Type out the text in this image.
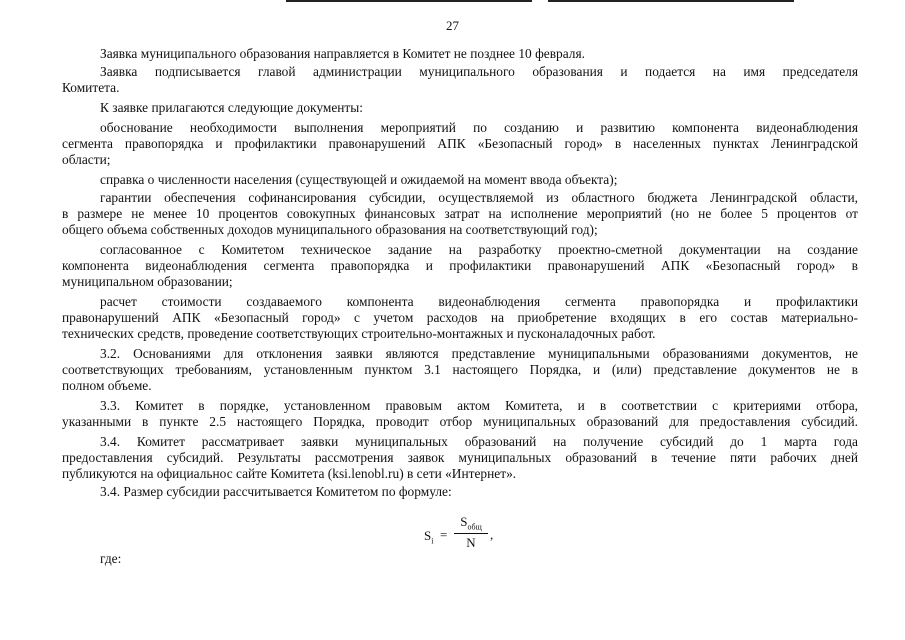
27
Заявка муниципального образования направляется в Комитет не позднее 10 февраля.
Заявка подписывается главой администрации муниципального образования и подается на имя председателя
Комитета.
К заявке прилагаются следующие документы:
обоснование необходимости выполнения мероприятий по созданию и развитию компонента видеонаблюдения
сегмента правопорядка и профилактики правонарушений АПК «Безопасный город» в населенных пунктах Ленинградской
области;
справка о численности населения (существующей и ожидаемой на момент ввода объекта);
гарантии обеспечения софинансирования субсидии, осуществляемой из областного бюджета Ленинградской области,
в размере не менее 10 процентов совокупных финансовых затрат на исполнение мероприятий (но не более 5 процентов от
общего объема собственных доходов муниципального образования на соответствующий год);
согласованное с Комитетом техническое задание на разработку проектно-сметной документации на создание
компонента видеонаблюдения сегмента правопорядка и профилактики правонарушений АПК «Безопасный город» в
муниципальном образовании;
расчет стоимости создаваемого компонента видеонаблюдения сегмента правопорядка и профилактики
правонарушений АПК «Безопасный город» с учетом расходов на приобретение входящих в его состав материально-
технических средств, проведение соответствующих строительно-монтажных и пусконаладочных работ.
3.2. Основаниями для отклонения заявки являются представление муниципальными образованиями документов, не
соответствующих требованиям, установленным пунктом 3.1 настоящего Порядка, и (или) представление документов не в
полном объеме.
3.3. Комитет в порядке, установленном правовым актом Комитета, и в соответствии с критериями отбора,
указанными в пункте 2.5 настоящего Порядка, проводит отбор муниципальных образований для предоставления субсидий.
3.4. Комитет рассматривает заявки муниципальных образований на получение субсидий до 1 марта года
предоставления субсидий. Результаты рассмотрения заявок муниципальных образований в течение пяти рабочих дней
публикуются на официальнос сайте Комитета (ksi.lenobl.ru) в сети «Интернет».
3.4. Размер субсидии рассчитывается Комитетом по формуле:
$S_i$ =
$S_{общ}$
N
,
где:
